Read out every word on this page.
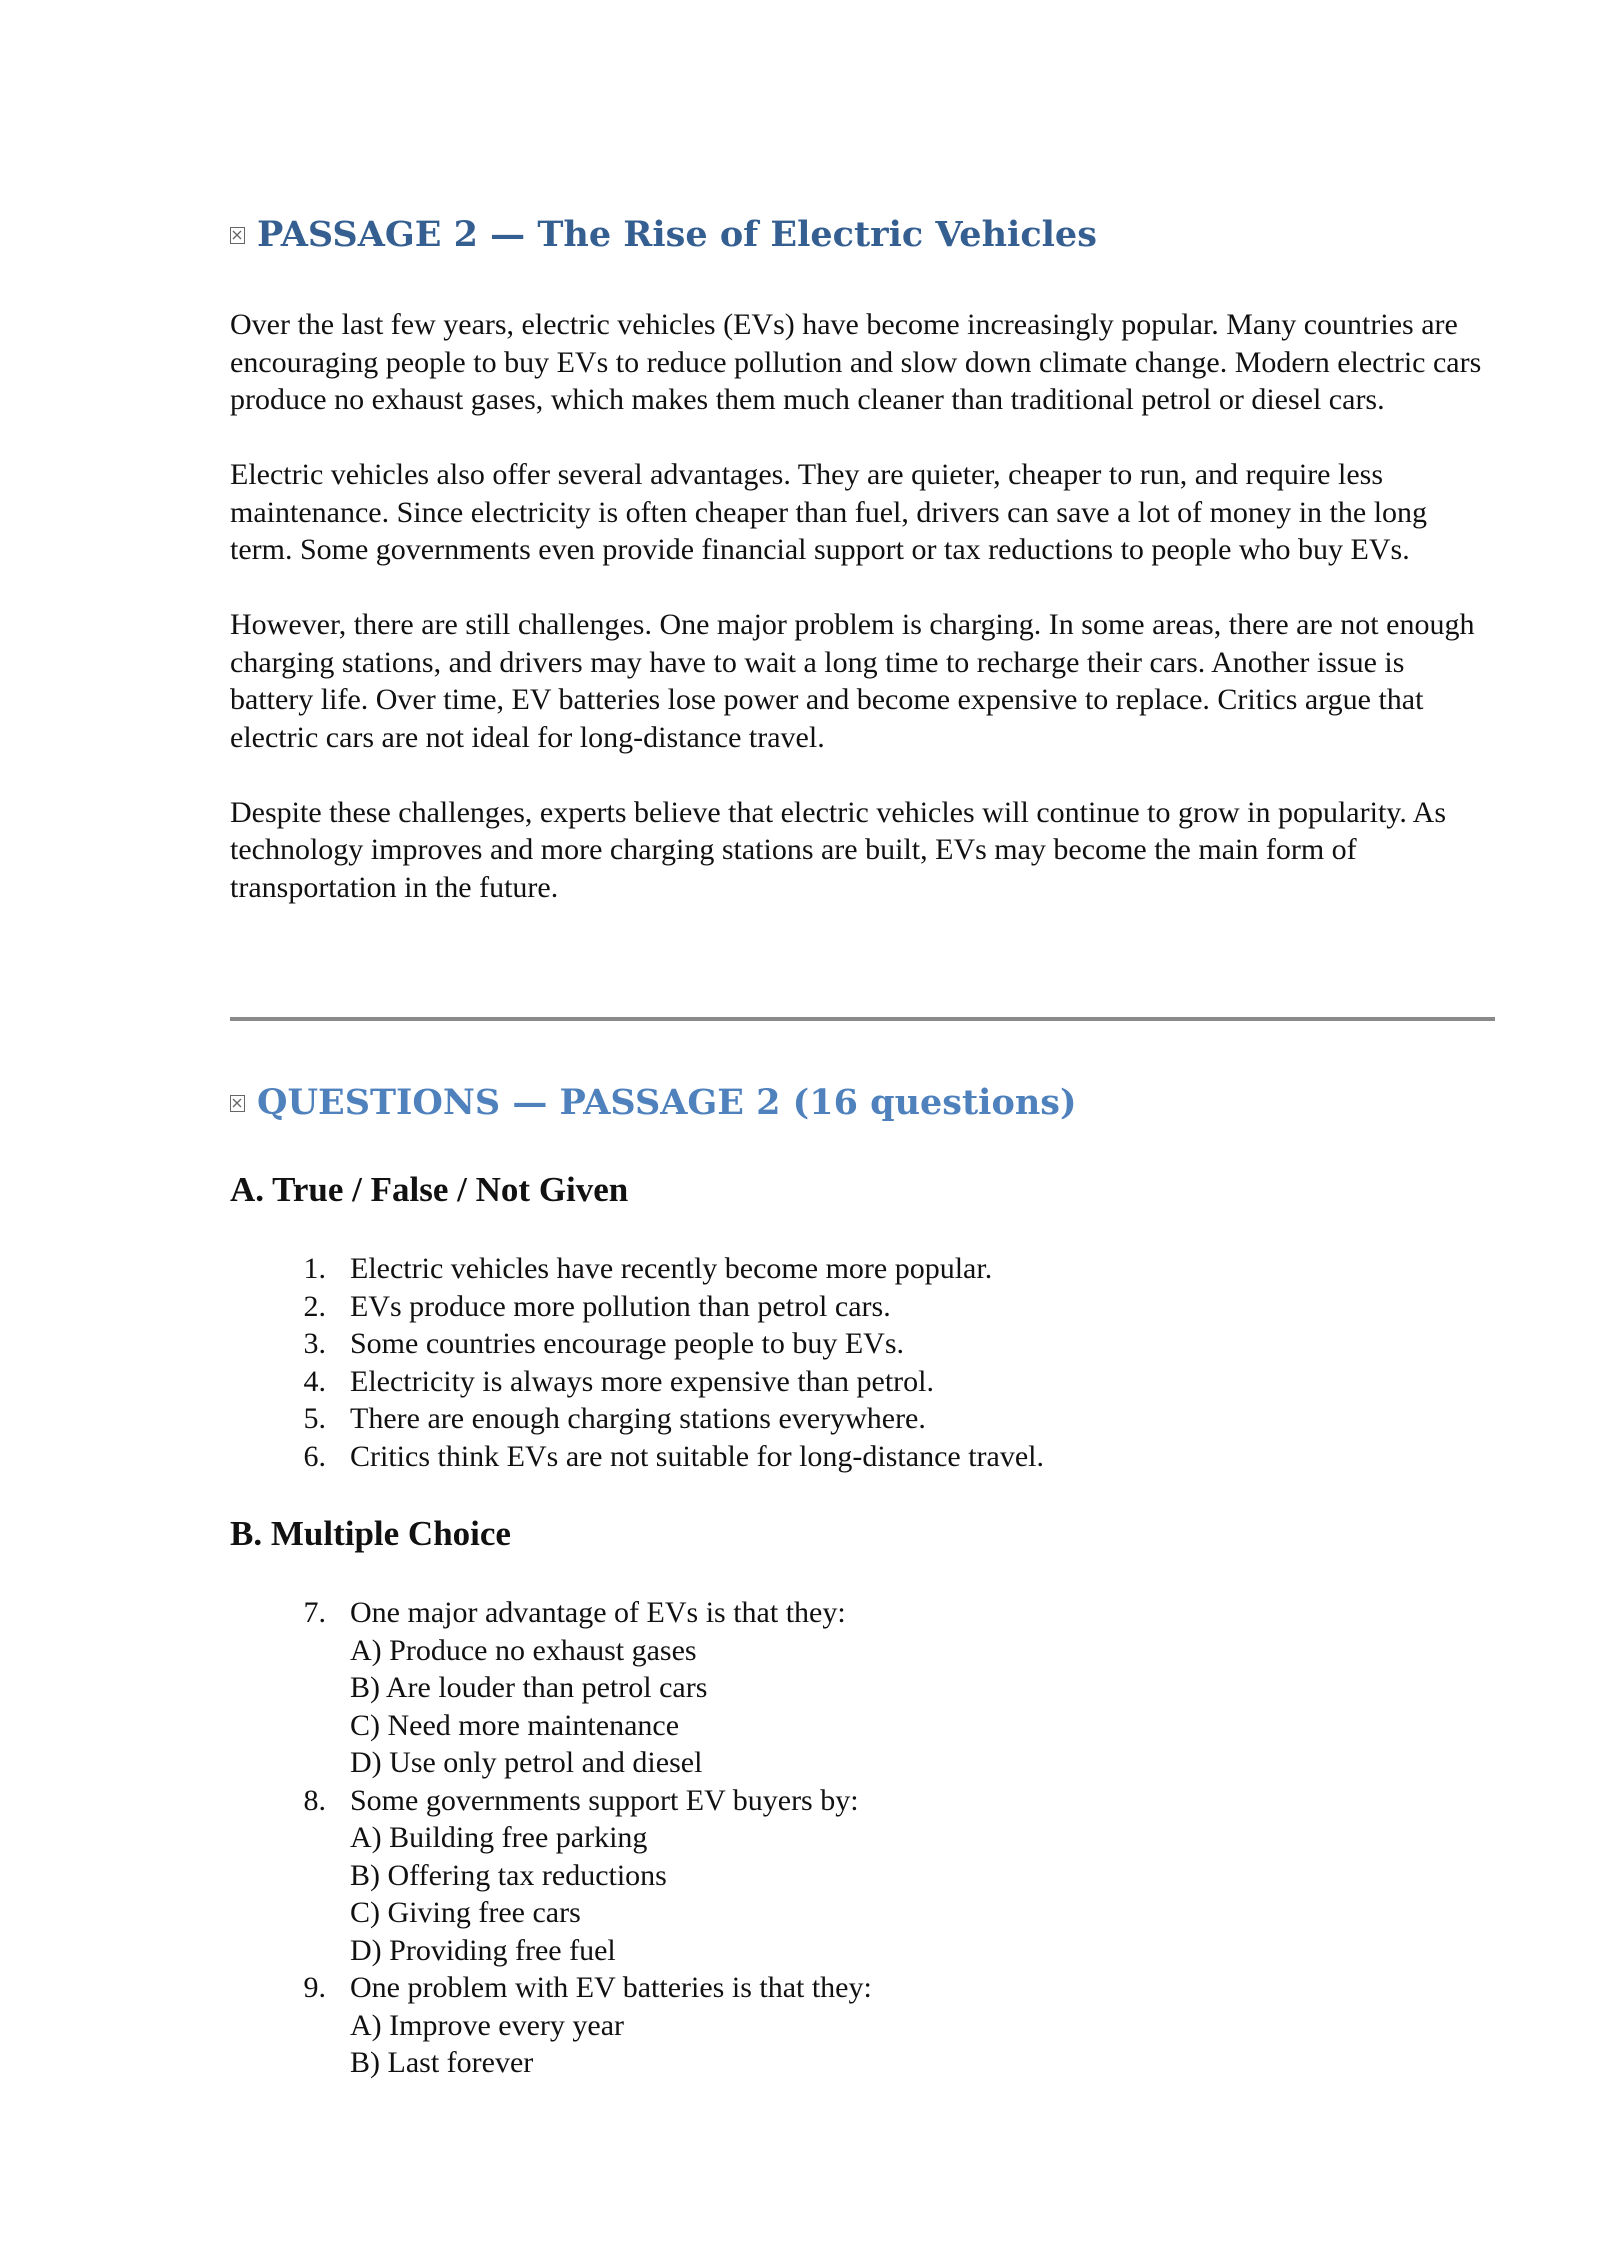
PASSAGE 2 — The Rise of Electric Vehicles

Over the last few years, electric vehicles (EVs) have become increasingly popular. Many countries are encouraging people to buy EVs to reduce pollution and slow down climate change. Modern electric cars produce no exhaust gases, which makes them much cleaner than traditional petrol or diesel cars.

Electric vehicles also offer several advantages. They are quieter, cheaper to run, and require less maintenance. Since electricity is often cheaper than fuel, drivers can save a lot of money in the long term. Some governments even provide financial support or tax reductions to people who buy EVs.

However, there are still challenges. One major problem is charging. In some areas, there are not enough charging stations, and drivers may have to wait a long time to recharge their cars. Another issue is battery life. Over time, EV batteries lose power and become expensive to replace. Critics argue that electric cars are not ideal for long-distance travel.

Despite these challenges, experts believe that electric vehicles will continue to grow in popularity. As technology improves and more charging stations are built, EVs may become the main form of transportation in the future.

QUESTIONS — PASSAGE 2 (16 questions)
A. True / False / Not Given
1. Electric vehicles have recently become more popular.
2. EVs produce more pollution than petrol cars.
3. Some countries encourage people to buy EVs.
4. Electricity is always more expensive than petrol.
5. There are enough charging stations everywhere.
6. Critics think EVs are not suitable for long-distance travel.
B. Multiple Choice
7. One major advantage of EVs is that they:
A) Produce no exhaust gases
B) Are louder than petrol cars
C) Need more maintenance
D) Use only petrol and diesel
8. Some governments support EV buyers by:
A) Building free parking
B) Offering tax reductions
C) Giving free cars
D) Providing free fuel
9. One problem with EV batteries is that they:
A) Improve every year
B) Last forever
